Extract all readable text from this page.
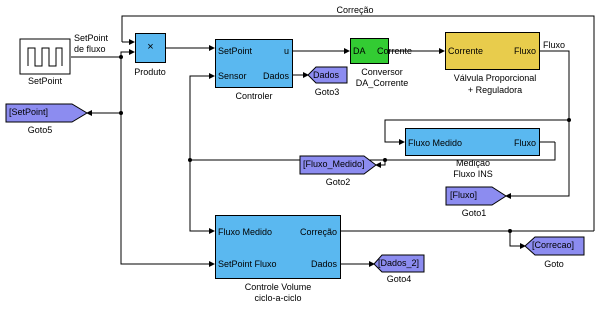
SetPoint
Correção
SetPoint
de fluxo	Fluxo
×
Produto
SetPoint
Sensor
u
Dados
Controler
DA Corrente
Conversor
DA_Corrente
Corrente	Fluxo
Válvula Proporcional
+ Reguladora
Fluxo Medido	Fluxo
Medição
Fluxo INS
Fluxo Medido
SetPoint Fluxo
Correção
Dados
Controle Volume
ciclo-a-ciclo
Dados
Goto3
[SetPoint]
Goto5
[Fluxo_Medido]
Goto2
[Fluxo]
Goto1
[Dados_2]
Goto4
[Correcao]
Goto
